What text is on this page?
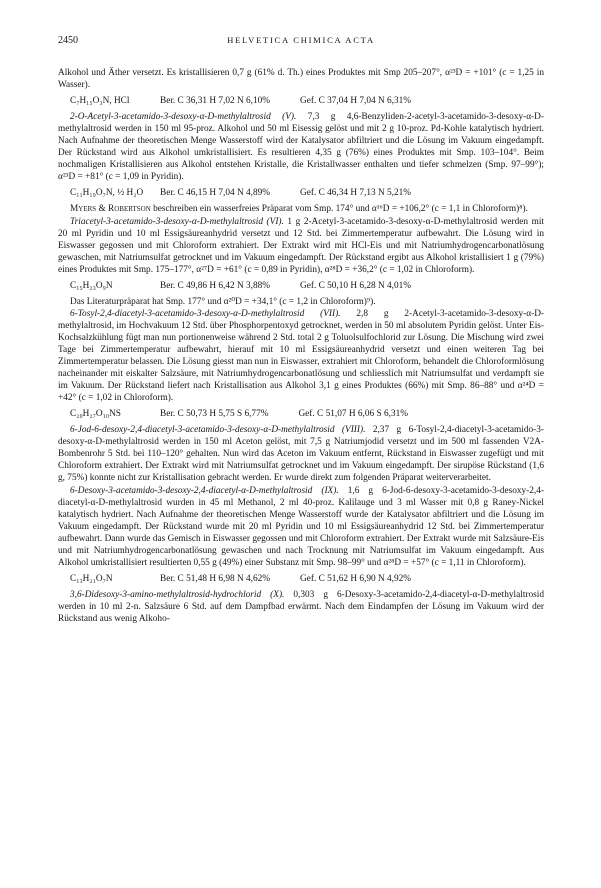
2450	HELVETICA CHIMICA ACTA

Alkohol und Äther versetzt. Es kristallisieren 0,7 g (61% d. Th.) eines Produktes mit Smp 205–207°, α²³D = +101° (c = 1,25 in Wasser).

C₇H₁₅O₃N, HCl	Ber. C 36,31 H 7,02 N 6,10%	Gef. C 37,04 H 7,04 N 6,31%

2-O-Acetyl-3-acetamido-3-desoxy-α-D-methylaltrosid (V). 7,3 g 4,6-Benzyliden-2-acetyl-3-acetamido-3-desoxy-α-D-methylaltrosid werden in 150 ml 95-proz. Alkohol und 50 ml Eisessig gelöst und mit 2 g 10-proz. Pd-Kohle katalytisch hydriert. Nach Aufnahme der theoretischen Menge Wasserstoff wird der Katalysator abfiltriert und die Lösung im Vakuum eingedampft. Der Rückstand wird aus Alkohol umkristallisiert. Es resultieren 4,35 g (76%) eines Produktes mit Smp. 103–104°. Beim nochmaligen Kristallisieren aus Alkohol entstehen Kristalle, die Kristallwasser enthalten und tiefer schmelzen (Smp. 97–99°); α²³D = +81° (c = 1,09 in Pyridin).

C₁₁H₁₉O₇N, ½ H₂O Ber. C 46,15 H 7,04 N 4,89%	Gef. C 46,34 H 7,13 N 5,21%

Myers & Robertson beschreiben ein wasserfreies Präparat vom Smp. 174° und α¹⁶D = +106,2° (c = 1,1 in Chloroform)⁸).

Triacetyl-3-acetamido-3-desoxy-α-D-methylaltrosid (VI). 1 g 2-Acetyl-3-acetamido-3-desoxy-α-D-methylaltrosid werden mit 20 ml Pyridin und 10 ml Essigsäureanhydrid versetzt und 12 Std. bei Zimmertemperatur aufbewahrt. Die Lösung wird in Eiswasser gegossen und mit Chloroform extrahiert. Der Extrakt wird mit HCl-Eis und mit Natriumhydrogencarbonatlösung gewaschen, mit Natriumsulfat getrocknet und im Vakuum eingedampft. Der Rückstand ergibt aus Alkohol kristallisiert 1 g (79%) eines Produktes mit Smp. 175–177°, α²⁷D = +61° (c = 0,89 in Pyridin), α²⁸D = +36,2° (c = 1,02 in Chloroform).

C₁₅H₂₃O₉N	Ber. C 49,86 H 6,42 N 3,88%	Gef. C 50,10 H 6,28 N 4,01%

Das Literaturpräparat hat Smp. 177° und α²⁰D = +34,1° (c = 1,2 in Chloroform)⁹).

6-Tosyl-2,4-diacetyl-3-acetamido-3-desoxy-α-D-methylaltrosid (VII). 2,8 g 2-Acetyl-3-acetamido-3-desoxy-α-D-methylaltrosid, im Hochvakuum 12 Std. über Phosphorpentoxyd getrocknet, werden in 50 ml absolutem Pyridin gelöst. Unter Eis-Kochsalzkühlung fügt man nun portionenweise während 2 Std. total 2 g Toluolsulfochlorid zur Lösung. Die Mischung wird zwei Tage bei Zimmertemperatur aufbewahrt, hierauf mit 10 ml Essigsäureanhydrid versetzt und einen weiteren Tag bei Zimmertemperatur belassen. Die Lösung giesst man nun in Eiswasser, extrahiert mit Chloroform, behandelt die Chloroformlösung nacheinander mit eiskalter Salzsäure, mit Natriumhydrogencarbonatlösung und schliesslich mit Natriumsulfat und verdampft sie im Vakuum. Der Rückstand liefert nach Kristallisation aus Alkohol 3,1 g eines Produktes (66%) mit Smp. 86–88° und α²⁴D = +42° (c = 1,02 in Chloroform).

C₂₀H₂₇O₁₀NS	Ber. C 50,73 H 5,75 S 6,77%	Gef. C 51,07 H 6,06 S 6,31%

6-Jod-6-desoxy-2,4-diacetyl-3-acetamido-3-desoxy-α-D-methylaltrosid (VIII). 2,37 g 6-Tosyl-2,4-diacetyl-3-acetamido-3-desoxy-α-D-methylaltrosid werden in 150 ml Aceton gelöst, mit 7,5 g Natriumjodid versetzt und im 500 ml fassenden V2A-Bombenrohr 5 Std. bei 110–120° gehalten. Nun wird das Aceton im Vakuum entfernt, Rückstand in Eiswasser zugefügt und mit Chloroform extrahiert. Der Extrakt wird mit Natriumsulfat getrocknet und im Vakuum eingedampft. Der sirupöse Rückstand (1,6 g, 75%) konnte nicht zur Kristallisation gebracht werden. Er wurde direkt zum folgenden Präparat weiterverarbeitet.

6-Desoxy-3-acetamido-3-desoxy-2,4-diacetyl-α-D-methylaltrosid (IX). 1,6 g 6-Jod-6-desoxy-3-acetamido-3-desoxy-2,4-diacetyl-α-D-methylaltrosid wurden in 45 ml Methanol, 2 ml 40-proz. Kalilauge und 3 ml Wasser mit 0,8 g Raney-Nickel katalytisch hydriert. Nach Aufnahme der theoretischen Menge Wasserstoff wurde der Katalysator abfiltriert und die Lösung im Vakuum eingedampft. Der Rückstand wurde mit 20 ml Pyridin und 10 ml Essigsäureanhydrid 12 Std. bei Zimmertemperatur aufbewahrt. Dann wurde das Gemisch in Eiswasser gegossen und mit Chloroform extrahiert. Der Extrakt wurde mit Salzsäure-Eis und mit Natriumhydrogencarbonatlösung gewaschen und nach Trocknung mit Natriumsulfat im Vakuum eingedampft. Aus Alkohol umkristallisiert resultierten 0,55 g (49%) einer Substanz mit Smp. 98–99° und α²⁸D = +57° (c = 1,11 in Chloroform).

C₁₃H₂₁O₇N	Ber. C 51,48 H 6,98 N 4,62%	Gef. C 51,62 H 6,90 N 4,92%

3,6-Didesoxy-3-amino-methylaltrosid-hydrochlorid (X). 0,303 g 6-Desoxy-3-acetamido-2,4-diacetyl-α-D-methylaltrosid werden in 10 ml 2-n. Salzsäure 6 Std. auf dem Dampfbad erwärmt. Nach dem Eindampfen der Lösung im Vakuum wird der Rückstand aus wenig Alkoho-
